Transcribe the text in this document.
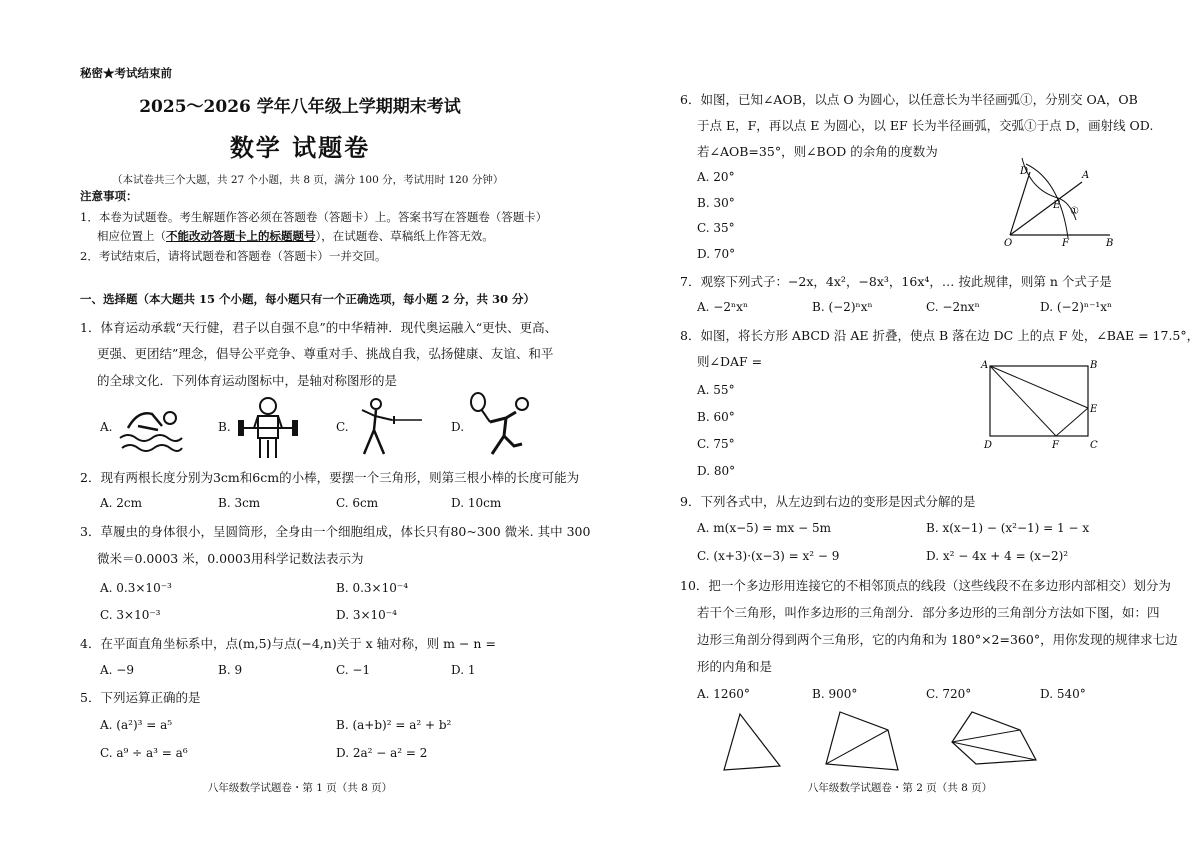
秘密★考试结束前
2025～2026 学年八年级上学期期末考试
数学 试题卷
（本试卷共三个大题，共 27 个小题，共 8 页，满分 100 分，考试用时 120 分钟）
注意事项：
1．本卷为试题卷。考生解题作答必须在答题卷（答题卡）上。答案书写在答题卷（答题卡）
相应位置上（不能改动答题卡上的标题题号），在试题卷、草稿纸上作答无效。
2．考试结束后，请将试题卷和答题卷（答题卡）一并交回。
一、选择题（本大题共 15 个小题，每小题只有一个正确选项，每小题 2 分，共 30 分）
1．体育运动承载“天行健，君子以自强不息”的中华精神．现代奥运融入“更快、更高、
更强、更团结”理念，倡导公平竞争、尊重对手、挑战自我，弘扬健康、友谊、和平
的全球文化．下列体育运动图标中，是轴对称图形的是
A.	B.	C.	D.
2．现有两根长度分别为3cm和6cm的小棒，要摆一个三角形，则第三根小棒的长度可能为
A. 2cm	B. 3cm	C. 6cm	D. 10cm
3．草履虫的身体很小，呈圆筒形，全身由一个细胞组成，体长只有80~300 微米. 其中 300
微米＝0.0003 米，0.0003用科学记数法表示为
A. 0.3×10⁻³	B. 0.3×10⁻⁴
C. 3×10⁻³	D. 3×10⁻⁴
4．在平面直角坐标系中，点(m,5)与点(−4,n)关于 x 轴对称，则 m − n =
A. −9	B. 9	C. −1	D. 1
5．下列运算正确的是
A. (a²)³ = a⁵	B. (a+b)² = a² + b²
C. a⁹ ÷ a³ = a⁶	D. 2a² − a² = 2
八年级数学试题卷・第 1 页（共 8 页）
6．如图，已知∠AOB，以点 O 为圆心，以任意长为半径画弧①，分别交 OA，OB
于点 E，F，再以点 E 为圆心，以 EF 长为半径画弧，交弧①于点 D，画射线 OD.
若∠AOB=35°，则∠BOD 的余角的度数为
A. 20°
B. 30°
C. 35°
D. 70°
D	A
E
①
O	F	B
7．观察下列式子：−2x，4x²，−8x³，16x⁴，… 按此规律，则第 n 个式子是
A. −2ⁿxⁿ	B. (−2)ⁿxⁿ	C. −2nxⁿ	D. (−2)ⁿ⁻¹xⁿ
8．如图，将长方形 ABCD 沿 AE 折叠，使点 B 落在边 DC 上的点 F 处，∠BAE = 17.5°，
则∠DAF =
A. 55°
B. 60°
C. 75°
D. 80°
A	B
E
D	F	C
9．下列各式中，从左边到右边的变形是因式分解的是
A. m(x−5) = mx − 5m	B. x(x−1) − (x²−1) = 1 − x
C. (x+3)·(x−3) = x² − 9	D. x² − 4x + 4 = (x−2)²
10．把一个多边形用连接它的不相邻顶点的线段（这些线段不在多边形内部相交）划分为
若干个三角形，叫作多边形的三角剖分．部分多边形的三角剖分方法如下图，如：四
边形三角剖分得到两个三角形，它的内角和为 180°×2=360°，用你发现的规律求七边
形的内角和是
A. 1260°	B. 900°	C. 720°	D. 540°
八年级数学试题卷・第 2 页（共 8 页）
